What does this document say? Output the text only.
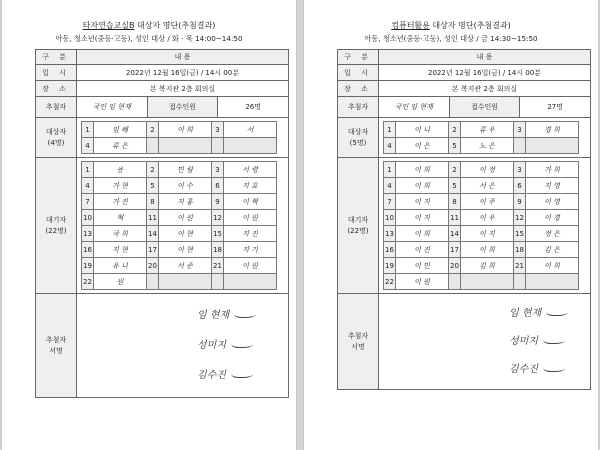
타자연습교실B 대상자 명단(추첨결과)
아동, 청소년(중등·고등), 성인 대상 / 화 · 목 14:00~14:50
구 분	내 용
일 시	2022년 12월 16일(금) / 14시 00분
장 소	본 복지관 2층 회의실
추첨자	국인 임 현재	접수인원	26명
대상자
(4명)	
1	임 혜	2	이 희	3	서
4	류 은				

대기자
(22명)	
1	용	2	민 림	3	서 령
4	가 현	5	이 수	6	지 효
7	가 진	8	지 홍	9	이 혁
10	혁	11	이 원	12	이 원
13	국 희	14	이 현	15	지 진
16	지 현	17	이 현	18	지 기
19	유 니	20	서 준	21	이 원
22	원				

추첨자
서명	
임 현재
성미지
김수진
컴퓨터활용 대상자 명단(추첨결과)
아동, 청소년(중등·고등), 성인 대상 / 금 14:30~15:50
구 분	내 용
일 시	2022년 12월 16일(금) / 14시 00분
장 소	본 복지관 2층 회의실
추첨자	국인 임 현재	접수인원	27명
대상자
(5명)	
1	이 니	2	류 우	3	경 희
4	이 은	5	노 은		

대기자
(22명)	
1	이 희	2	이 정	3	가 희
4	이 희	5	서 은	6	지 영
7	이 지	8	이 주	9	이 영
10	이 지	11	이 우	12	이 경
13	이 희	14	이 지	15	정 은
16	이 진	17	이 희	18	김 은
19	이 민	20	김 희	21	이 희
22	이 원				

추첨자
서명	
임 현재
성미지
김수진
